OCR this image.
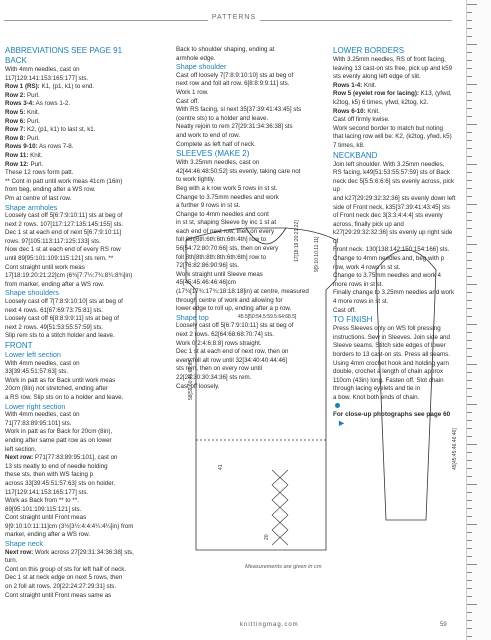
PATTERNS

ABBREVIATIONS SEE PAGE 91

BACK

With 4mm needles, cast on

117[129:141:153:165:177] sts.

Row 1 (RS): K1, (p1, k1) to end.

Row 2: Purl.

Rows 3-4: As rows 1-2.

Row 5: Knit.

Row 6: Purl.

Row 7: K2, (p1, k1) to last st, k1.

Row 8: Purl.

Rows 9-10: As rows 7-8.

Row 11: Knit.

Row 12: Purl.

These 12 rows form patt.

** Cont in patt until work meas 41cm (16in)

from beg, ending after a WS row.

Pm at centre of last row.

Shape armholes

Loosely cast off 5[6:7:9:10:11] sts at beg of

next 2 rows. 107[117:127:135:145:155] sts.

Dec 1 st at each end of next 5[6:7:9:10:11]

rows. 97[105:113:117:125:133] sts.

Now dec 1 st at each end of every RS row

until 89[95:101:109:115:121] sts rem. **

Cont straight until work meas

17[18:19:20:21:22]cm (6¾[7:7½:7¾:8¼:8¾]in)

from marker, ending after a WS row.

Shape shoulders

Loosely cast off 7[7:8:9:10:10] sts at beg of

next 4 rows. 61[67:69:73:75:81] sts.

Loosely cast off 6[8:8:9:9:11] sts at beg of

next 2 rows. 49[51:53:55:57:59] sts.

Slip rem sts to a stitch holder and leave.

FRONT

Lower left section

With 4mm needles, cast on

33[39:45:51:57:63] sts.

Work in patt as for Back until work meas

20cm (8in) not stretched, ending after

a RS row. Slip sts on to a holder and leave.

Lower right section

With 4mm needles, cast on

71[77:83:89:95:101] sts.

Work in patt as for Back for 20cm (8in),

ending after same patt row as on lower

left section.

Next row: P71[77:83:89:95:101], cast on

13 sts neatly to end of needle holding

these sts, then with WS facing p

across 33[39:45:51:57:63] sts on holder.

117[129:141:153:165:177] sts.

Work as Back from ** to **.

89[95:101:109:115:121] sts.

Cont straight until Front meas

9[9:10:10:11:11]cm (3½[3½:4:4:4¼:4¼]in) from

marker, ending after a WS row.

Shape neck

Next row: Work across 27[29:31:34:36:38] sts,

turn.

Cont on this group of sts for left half of neck.

Dec 1 st at neck edge on next 5 rows, then

on 2 foll alt rows. 20[22:24:27:29:31] sts.

Cont straight until Front meas same as

Back to shoulder shaping, ending at

armhole edge.

Shape shoulder

Cast off loosely 7[7:8:9:10:10] sts at beg of

next row and foll alt row. 6[8:8:9:9:11] sts.

Work 1 row.

Cast off.

With RS facing, sl next 35[37:39:41:43:45] sts

(centre sts) to a holder and leave.

Neatly rejoin to rem 27[29:31:34:36:38] sts

and work to end of row.

Complete as left half of neck.

SLEEVES (MAKE 2)

With 3.25mm needles, cast on

42[44:46:48:50:52] sts evenly, taking care not

to work tightly.

Beg with a k row work 5 rows in st st.

Change to 3.75mm needles and work

a further 9 rows in st st.

Change to 4mm needles and cont

in st st, shaping Sleeve by inc 1 st at

each end of next row, then on every

foll 8th[6th:6th:6th:6th:4th] row to

56[54:72:80:70:66] sts, then on every

foll 8th[8th:8th:8th:6th:6th] row to

72[76:82:86:90:96] sts.

Work straight until Sleeve meas

45[45:45:46:46:46]cm

(17¾[17¾:17¾:18:18:18]in) at centre, measured

through centre of work and allowing for

lower edge to roll up, ending after a p row.

Shape top

Loosely cast off 5[6:7:9:10:11] sts at beg of

next 2 rows. 62[64:68:68:70:74] sts.

Work 0[2:4:6:8:8] rows straight.

Dec 1 st at each end of next row, then on

every foll alt row until 32[34:40:40:44:46]

sts rem, then on every row until

22[24:30:30:34:36] sts rem.

Cast off loosely.

LOWER BORDERS

With 3.25mm needles, RS of front facing,

leaving 13 cast-on sts free, pick up and k59

sts evenly along left edge of slit.

Rows 1-4: Knit.

Row 5 (eyelet row for lacing): K13, (yfwd,

k2tog, k5) 6 times, yfwd, k2tog, k2.

Rows 6-10: Knit.

Cast off firmly kwise.

Work second border to match but noting

that lacing row will be: K2, (k2tog, yfwd, k5)

7 times, k8.

NECKBAND

Join left shoulder. With 3.25mm needles,

RS facing, k49[51:53:55:57:59] sts of Back

neck dec 5[5:5:6:6:6] sts evenly across, pick up

and k27[29:29:32:32:36] sts evenly down left

side of Front neck, k35[37:39:41:43:45] sts

of Front neck dec 3[3:3:4:4:4] sts evenly

across, finally pick up and

k27[29:29:32:32:36] sts evenly up right side of

Front neck. 130[138:142:150:154:166] sts.

Change to 4mm needles and, beg with p

row, work 4 rows in st st.

Change to 3.75mm needles and work 4

more rows in st st.

Finally change to 3.25mm needles and work

4 more rows in st st.

Cast off.

TO FINISH

Press Sleeves only on WS foll pressing

instructions. Sew in Sleeves. Join side and

Sleeve seams. Stitch side edges of lower

borders to 13 cast-on sts. Press all seams.

Using 4mm crochet hook and holding yarn

double, crochet a length of chain approx

110cm (43in) long. Fasten off. Slot chain

through lacing eyelets and tie in

a bow. Knot both ends of chain.

For close-up photographs see page 60 ▶

17[18:19:20:21:22]	9[9:10:10:11:11]
45.5[50:54.5:59.5:64:68.5]
58[59:60:61:62:63]
41
20
45[45:45:46:46:46]
Measurements are given in cm
knittingmag.com	59
